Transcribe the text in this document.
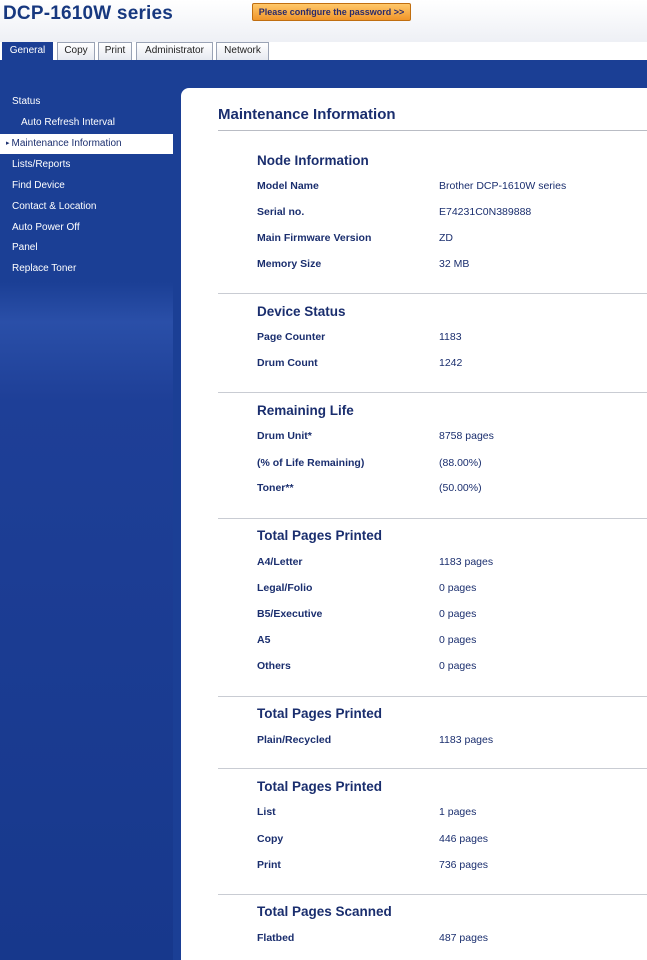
DCP-1610W series	Please configure the password >>
General	Copy	Print	Administrator	Network
Status
Auto Refresh Interval
▸ Maintenance Information
Lists/Reports
Find Device
Contact & Location
Auto Power Off
Panel
Replace Toner
Maintenance Information
Node Information
Model Name	Brother DCP-1610W series
Serial no.	E74231C0N389888
Main Firmware Version	ZD
Memory Size	32 MB
Device Status
Page Counter	1183
Drum Count	1242
Remaining Life
Drum Unit*	8758 pages
(% of Life Remaining)	(88.00%)
Toner**	(50.00%)
Total Pages Printed
A4/Letter	1183 pages
Legal/Folio	0 pages
B5/Executive	0 pages
A5	0 pages
Others	0 pages
Total Pages Printed
Plain/Recycled	1183 pages
Total Pages Printed
List	1 pages
Copy	446 pages
Print	736 pages
Total Pages Scanned
Flatbed	487 pages
